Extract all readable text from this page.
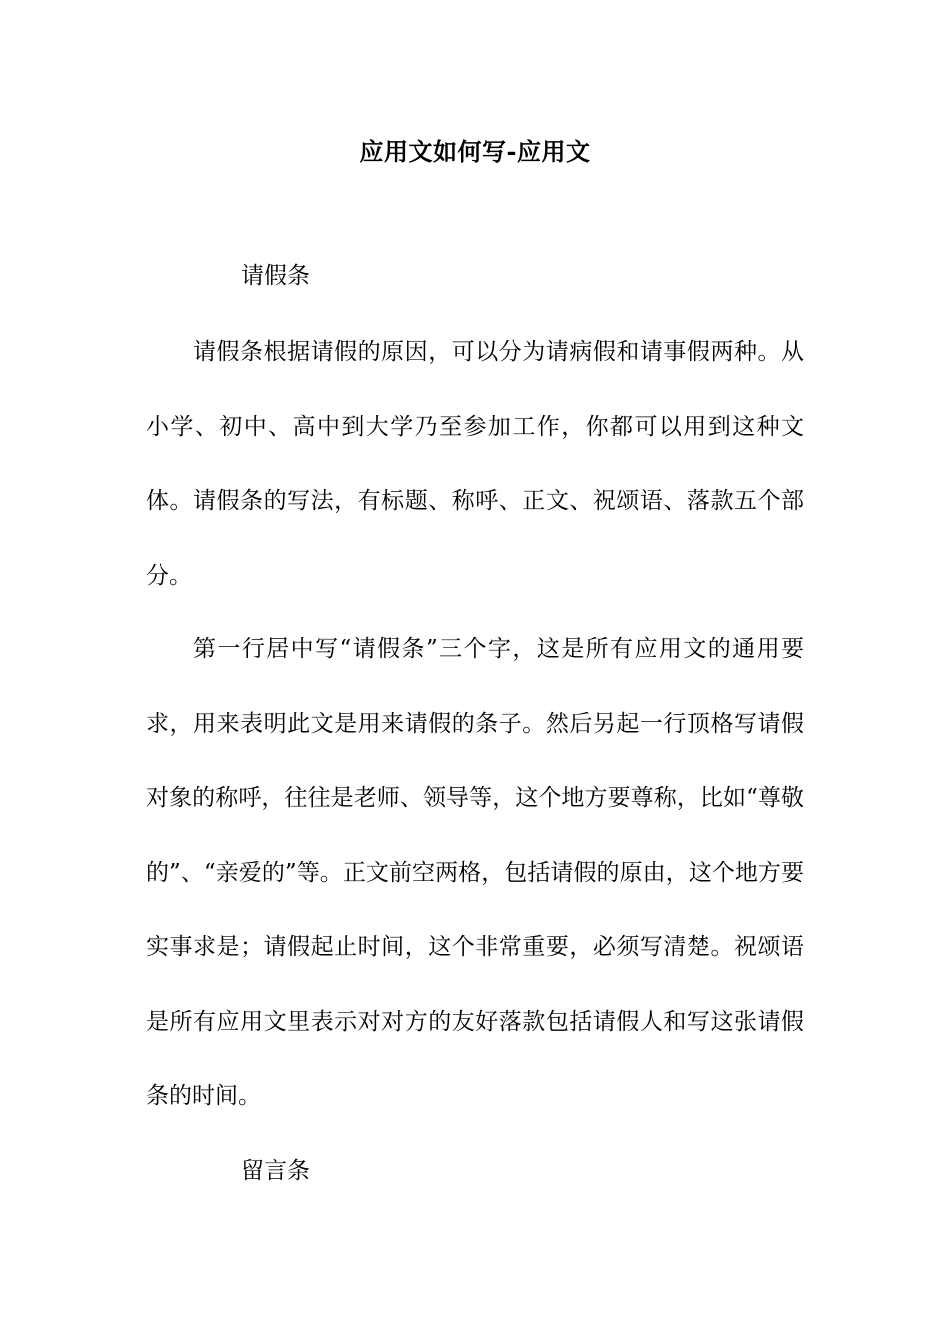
应用文如何写-应用文
请假条

请假条根据请假的原因，可以分为请病假和请事假两种。从小学、初中、高中到大学乃至参加工作，你都可以用到这种文体。请假条的写法，有标题、称呼、正文、祝颂语、落款五个部分。

第一行居中写“请假条”三个字，这是所有应用文的通用要求，用来表明此文是用来请假的条子。然后另起一行顶格写请假对象的称呼，往往是老师、领导等，这个地方要尊称，比如“尊敬的”、“亲爱的”等。正文前空两格，包括请假的原由，这个地方要实事求是；请假起止时间，这个非常重要，必须写清楚。祝颂语是所有应用文里表示对对方的友好落款包括请假人和写这张请假条的时间。

留言条
